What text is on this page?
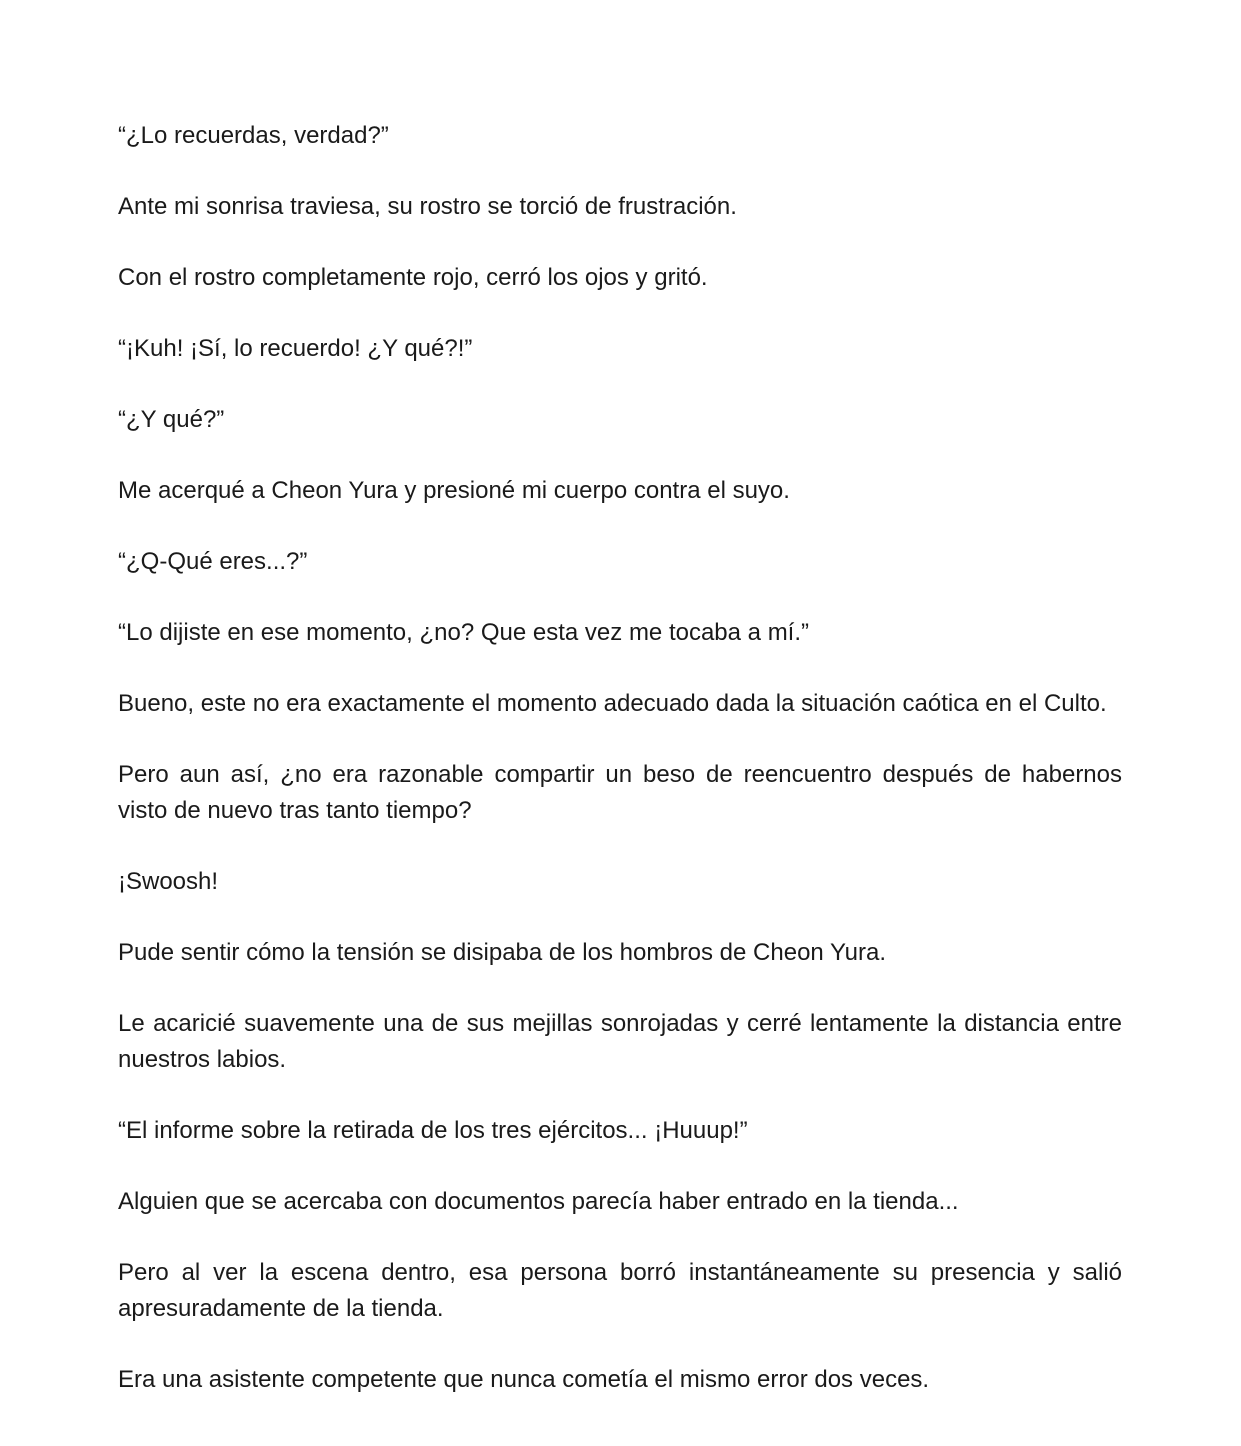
“¿Lo recuerdas, verdad?”

Ante mi sonrisa traviesa, su rostro se torció de frustración.

Con el rostro completamente rojo, cerró los ojos y gritó.

“¡Kuh! ¡Sí, lo recuerdo! ¿Y qué?!”

“¿Y qué?”

Me acerqué a Cheon Yura y presioné mi cuerpo contra el suyo.

“¿Q-Qué eres...?”

“Lo dijiste en ese momento, ¿no? Que esta vez me tocaba a mí.”

Bueno, este no era exactamente el momento adecuado dada la situación caótica en el Culto.

Pero aun así, ¿no era razonable compartir un beso de reencuentro después de habernos visto de nuevo tras tanto tiempo?

¡Swoosh!

Pude sentir cómo la tensión se disipaba de los hombros de Cheon Yura.

Le acaricié suavemente una de sus mejillas sonrojadas y cerré lentamente la distancia entre nuestros labios.

“El informe sobre la retirada de los tres ejércitos... ¡Huuup!”

Alguien que se acercaba con documentos parecía haber entrado en la tienda...

Pero al ver la escena dentro, esa persona borró instantáneamente su presencia y salió apresuradamente de la tienda.

Era una asistente competente que nunca cometía el mismo error dos veces.
